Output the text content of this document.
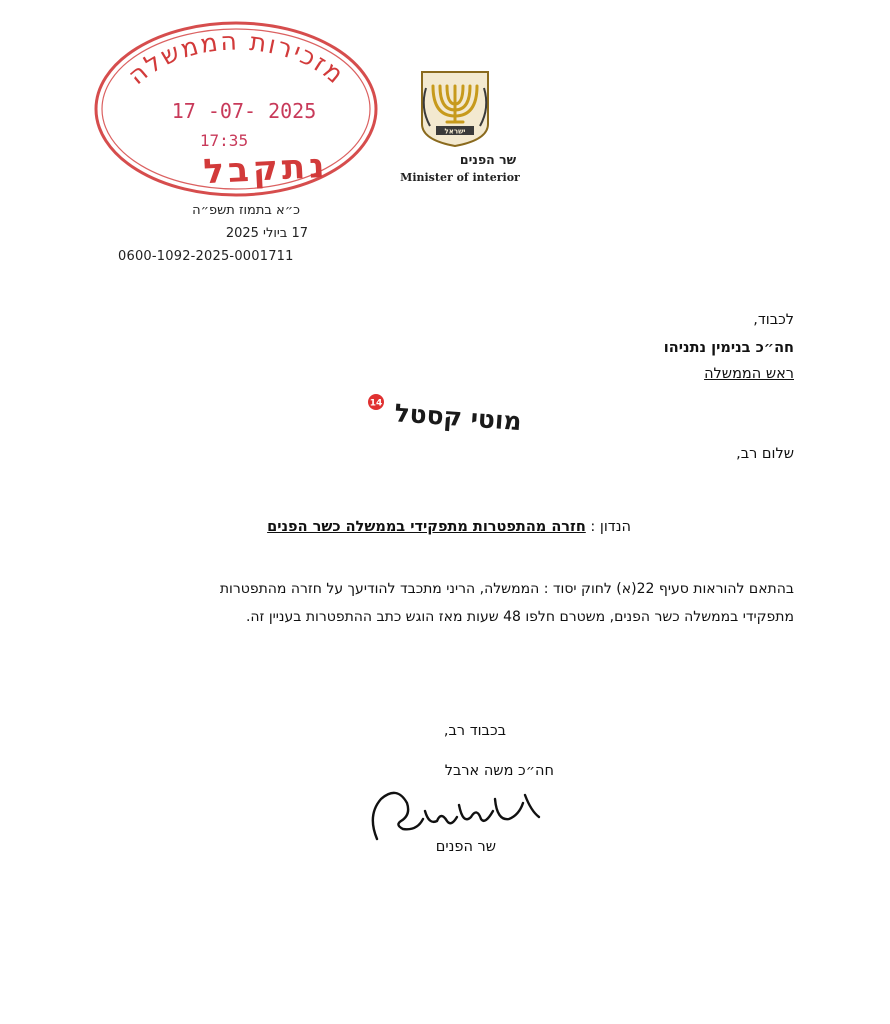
מזכירות הממשלה
17 -07- 2025
17:35
נתקבל
ישראל
שר הפנים
Minister of interior
כ״א בתמוז תשפ״ה
17 ביולי 2025
0600-1092-2025-0001711
לכבוד,
חה״כ בנימין נתניהו
ראש הממשלה
מוטי קסטל
14
שלום רב,
הנדון : חזרה מהתפטרות מתפקידי בממשלה כשר הפנים
בהתאם להוראות סעיף 22(א) לחוק יסוד : הממשלה, הריני מתכבד להודיעך על חזרה מהתפטרות
מתפקידי בממשלה כשר הפנים, משטרם חלפו 48 שעות מאז הוגש כתב ההתפטרות בעניין זה.
בכבוד רב,
חה״כ משה ארבל
שר הפנים
